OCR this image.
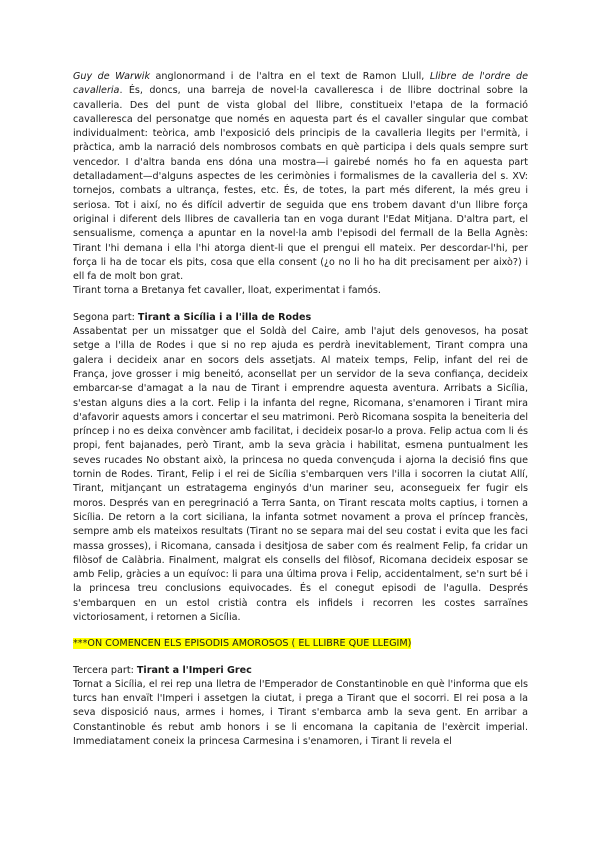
Guy de Warwik anglonormand i de l'altra en el text de Ramon Llull, Llibre de l'ordre de cavalleria. És, doncs, una barreja de novel·la cavalleresca i de llibre doctrinal sobre la cavalleria. Des del punt de vista global del llibre, constitueix l'etapa de la formació cavalleresca del personatge que només en aquesta part és el cavaller singular que combat individualment: teòrica, amb l'exposició dels principis de la cavalleria llegits per l'ermità, i pràctica, amb la narració dels nombrosos combats en què participa i dels quals sempre surt vencedor. I d'altra banda ens dóna una mostra—i gairebé només ho fa en aquesta part detalladament—d'alguns aspectes de les cerimònies i formalismes de la cavalleria del s. XV: tornejos, combats a ultrança, festes, etc. És, de totes, la part més diferent, la més greu i seriosa. Tot i així, no és difícil advertir de seguida que ens trobem davant d'un llibre força original i diferent dels llibres de cavalleria tan en voga durant l'Edat Mitjana. D'altra part, el sensualisme, comença a apuntar en la novel·la amb l'episodi del fermall de la Bella Agnès: Tirant l'hi demana i ella l'hi atorga dient-li que el prengui ell mateix. Per descordar-l'hi, per força li ha de tocar els pits, cosa que ella consent (¿o no li ho ha dit precisament per això?) i ell fa de molt bon grat.

Tirant torna a Bretanya fet cavaller, lloat, experimentat i famós.

Segona part: Tirant a Sicília i a l'illa de Rodes

Assabentat per un missatger que el Soldà del Caire, amb l'ajut dels genovesos, ha posat setge a l'illa de Rodes i que si no rep ajuda es perdrà inevitablement, Tirant compra una galera i decideix anar en socors dels assetjats. Al mateix temps, Felip, infant del rei de França, jove grosser i mig beneitó, aconsellat per un servidor de la seva confiança, decideix embarcar-se d'amagat a la nau de Tirant i emprendre aquesta aventura. Arribats a Sicília, s'estan alguns dies a la cort. Felip i la infanta del regne, Ricomana, s'enamoren i Tirant mira d'afavorir aquests amors i concertar el seu matrimoni. Però Ricomana sospita la beneiteria del príncep i no es deixa convèncer amb facilitat, i decideix posar-lo a prova. Felip actua com li és propi, fent bajanades, però Tirant, amb la seva gràcia i habilitat, esmena puntualment les seves rucades No obstant això, la princesa no queda convençuda i ajorna la decisió fins que tornin de Rodes. Tirant, Felip i el rei de Sicília s'embarquen vers l'illa i socorren la ciutat Allí, Tirant, mitjançant un estratagema enginyós d'un mariner seu, aconsegueix fer fugir els moros. Després van en peregrinació a Terra Santa, on Tirant rescata molts captius, i tornen a Sicília. De retorn a la cort siciliana, la infanta sotmet novament a prova el príncep francès, sempre amb els mateixos resultats (Tirant no se separa mai del seu costat i evita que les faci massa grosses), i Ricomana, cansada i desitjosa de saber com és realment Felip, fa cridar un filòsof de Calàbria. Finalment, malgrat els consells del filòsof, Ricomana decideix esposar se amb Felip, gràcies a un equívoc: li para una última prova i Felip, accidentalment, se'n surt bé i la princesa treu conclusions equivocades. És el conegut episodi de l'agulla. Després s'embarquen en un estol cristià contra els infidels i recorren les costes sarraïnes victoriosament, i retornen a Sicília.

***ON COMENCEN ELS EPISODIS AMOROSOS ( EL LLIBRE QUE LLEGIM)

Tercera part: Tirant a l'Imperi Grec

Tornat a Sicília, el rei rep una lletra de l'Emperador de Constantinoble en què l'informa que els turcs han envaït l'Imperi i assetgen la ciutat, i prega a Tirant que el socorri. El rei posa a la seva disposició naus, armes i homes, i Tirant s'embarca amb la seva gent. En arribar a Constantinoble és rebut amb honors i se li encomana la capitania de l'exèrcit imperial. Immediatament coneix la princesa Carmesina i s'enamoren, i Tirant li revela el
